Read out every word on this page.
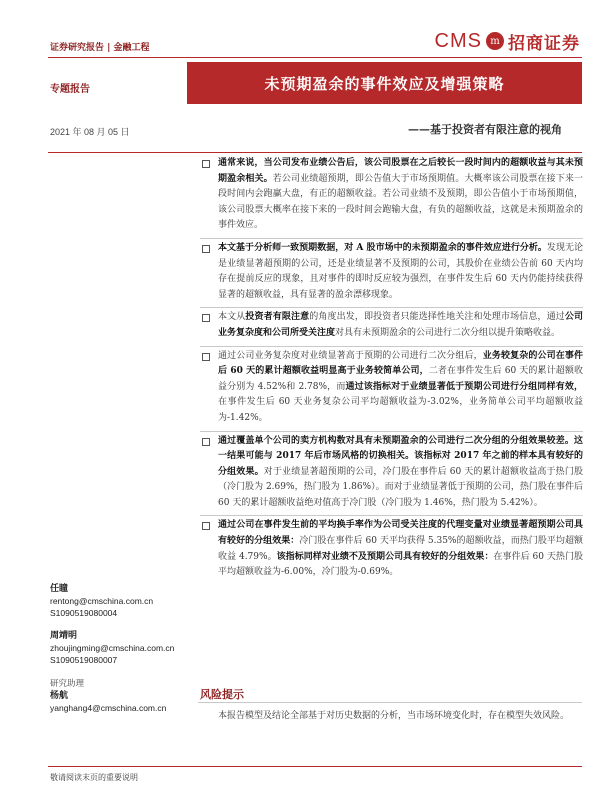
证券研究报告 | 金融工程	CMS m 招商证券
专题报告	未预期盈余的事件效应及增强策略
2021 年 08 月 05 日	——基于投资者有限注意的视角
通常来说，当公司发布业绩公告后，该公司股票在之后较长一段时间内的超额收益与其未预期盈余相关。若公司业绩超预期，即公告值大于市场预期值。大概率该公司股票在接下来一段时间内会跑赢大盘，有正的超额收益。若公司业绩不及预期，即公告值小于市场预期值，该公司股票大概率在接下来的一段时间会跑输大盘，有负的超额收益，这就是未预期盈余的事件效应。
本文基于分析师一致预期数据，对 A 股市场中的未预期盈余的事件效应进行分析。发现无论是业绩显著超预期的公司，还是业绩显著不及预期的公司，其股价在业绩公告前 60 天内均存在提前反应的现象，且对事件的即时反应较为强烈，在事件发生后 60 天内仍能持续获得显著的超额收益，具有显著的盈余漂移现象。
本文从投资者有限注意的角度出发，即投资者只能选择性地关注和处理市场信息，通过公司业务复杂度和公司所受关注度对具有未预期盈余的公司进行二次分组以提升策略收益。
通过公司业务复杂度对业绩显著高于预期的公司进行二次分组后，业务较复杂的公司在事件后 60 天的累计超额收益明显高于业务较简单公司，二者在事件发生后 60 天的累计超额收益分别为 4.52%和 2.78%，而通过该指标对于业绩显著低于预期公司进行分组同样有效，在事件发生后 60 天业务复杂公司平均超额收益为-3.02%，业务简单公司平均超额收益为-1.42%。
通过覆盖单个公司的卖方机构数对具有未预期盈余的公司进行二次分组的分组效果较差。这一结果可能与 2017 年后市场风格的切换相关。该指标对 2017 年之前的样本具有较好的分组效果。对于业绩显著超预期的公司，冷门股在事件后 60 天的累计超额收益高于热门股（冷门股为 2.69%，热门股为 1.86%）。而对于业绩显著低于预期的公司，热门股在事件后 60 天的累计超额收益绝对值高于冷门股（冷门股为 1.46%，热门股为 5.42%）。
通过公司在事件发生前的平均换手率作为公司受关注度的代理变量对业绩显著超预期公司具有较好的分组效果：冷门股在事件后 60 天平均获得 5.35%的超额收益，而热门股平均超额收益 4.79%。该指标同样对业绩不及预期公司具有较好的分组效果：在事件后 60 天热门股平均超额收益为-6.00%，冷门股为-0.69%。
任瞳
rentong@cmschina.com.cn
S1090519080004
周靖明
zhoujingming@cmschina.com.cn
S1090519080007
研究助理
杨航
yanghang4@cmschina.com.cn
风险提示
本报告模型及结论全部基于对历史数据的分析，当市场环境变化时，存在模型失效风险。
敬请阅读末页的重要说明
